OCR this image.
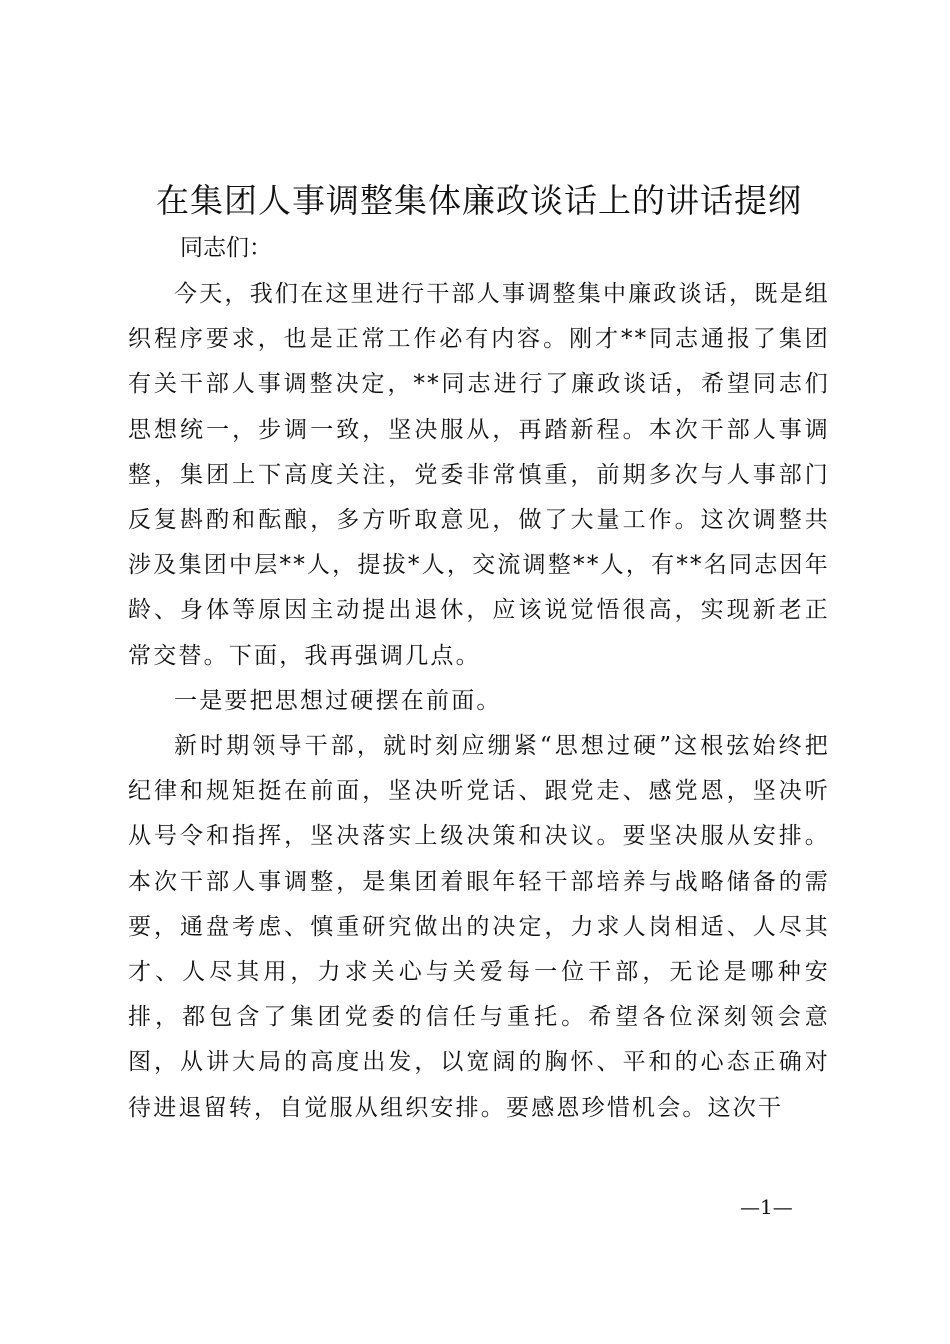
在集团人事调整集体廉政谈话上的讲话提纲

同志们：

今天，我们在这里进行干部人事调整集中廉政谈话，既是组织程序要求，也是正常工作必有内容。刚才**同志通报了集团有关干部人事调整决定，**同志进行了廉政谈话，希望同志们思想统一，步调一致，坚决服从，再踏新程。本次干部人事调整，集团上下高度关注，党委非常慎重，前期多次与人事部门反复斟酌和酝酿，多方听取意见，做了大量工作。这次调整共涉及集团中层**人，提拔*人，交流调整**人，有**名同志因年龄、身体等原因主动提出退休，应该说觉悟很高，实现新老正常交替。下面，我再强调几点。

一是要把思想过硬摆在前面。

新时期领导干部，就时刻应绷紧“思想过硬”这根弦始终把纪律和规矩挺在前面，坚决听党话、跟党走、感党恩，坚决听从号令和指挥，坚决落实上级决策和决议。要坚决服从安排。本次干部人事调整，是集团着眼年轻干部培养与战略储备的需要，通盘考虑、慎重研究做出的决定，力求人岗相适、人尽其才、人尽其用，力求关心与关爱每一位干部，无论是哪种安排，都包含了集团党委的信任与重托。希望各位深刻领会意图，从讲大局的高度出发，以宽阔的胸怀、平和的心态正确对待进退留转，自觉服从组织安排。要感恩珍惜机会。这次干

—1—
